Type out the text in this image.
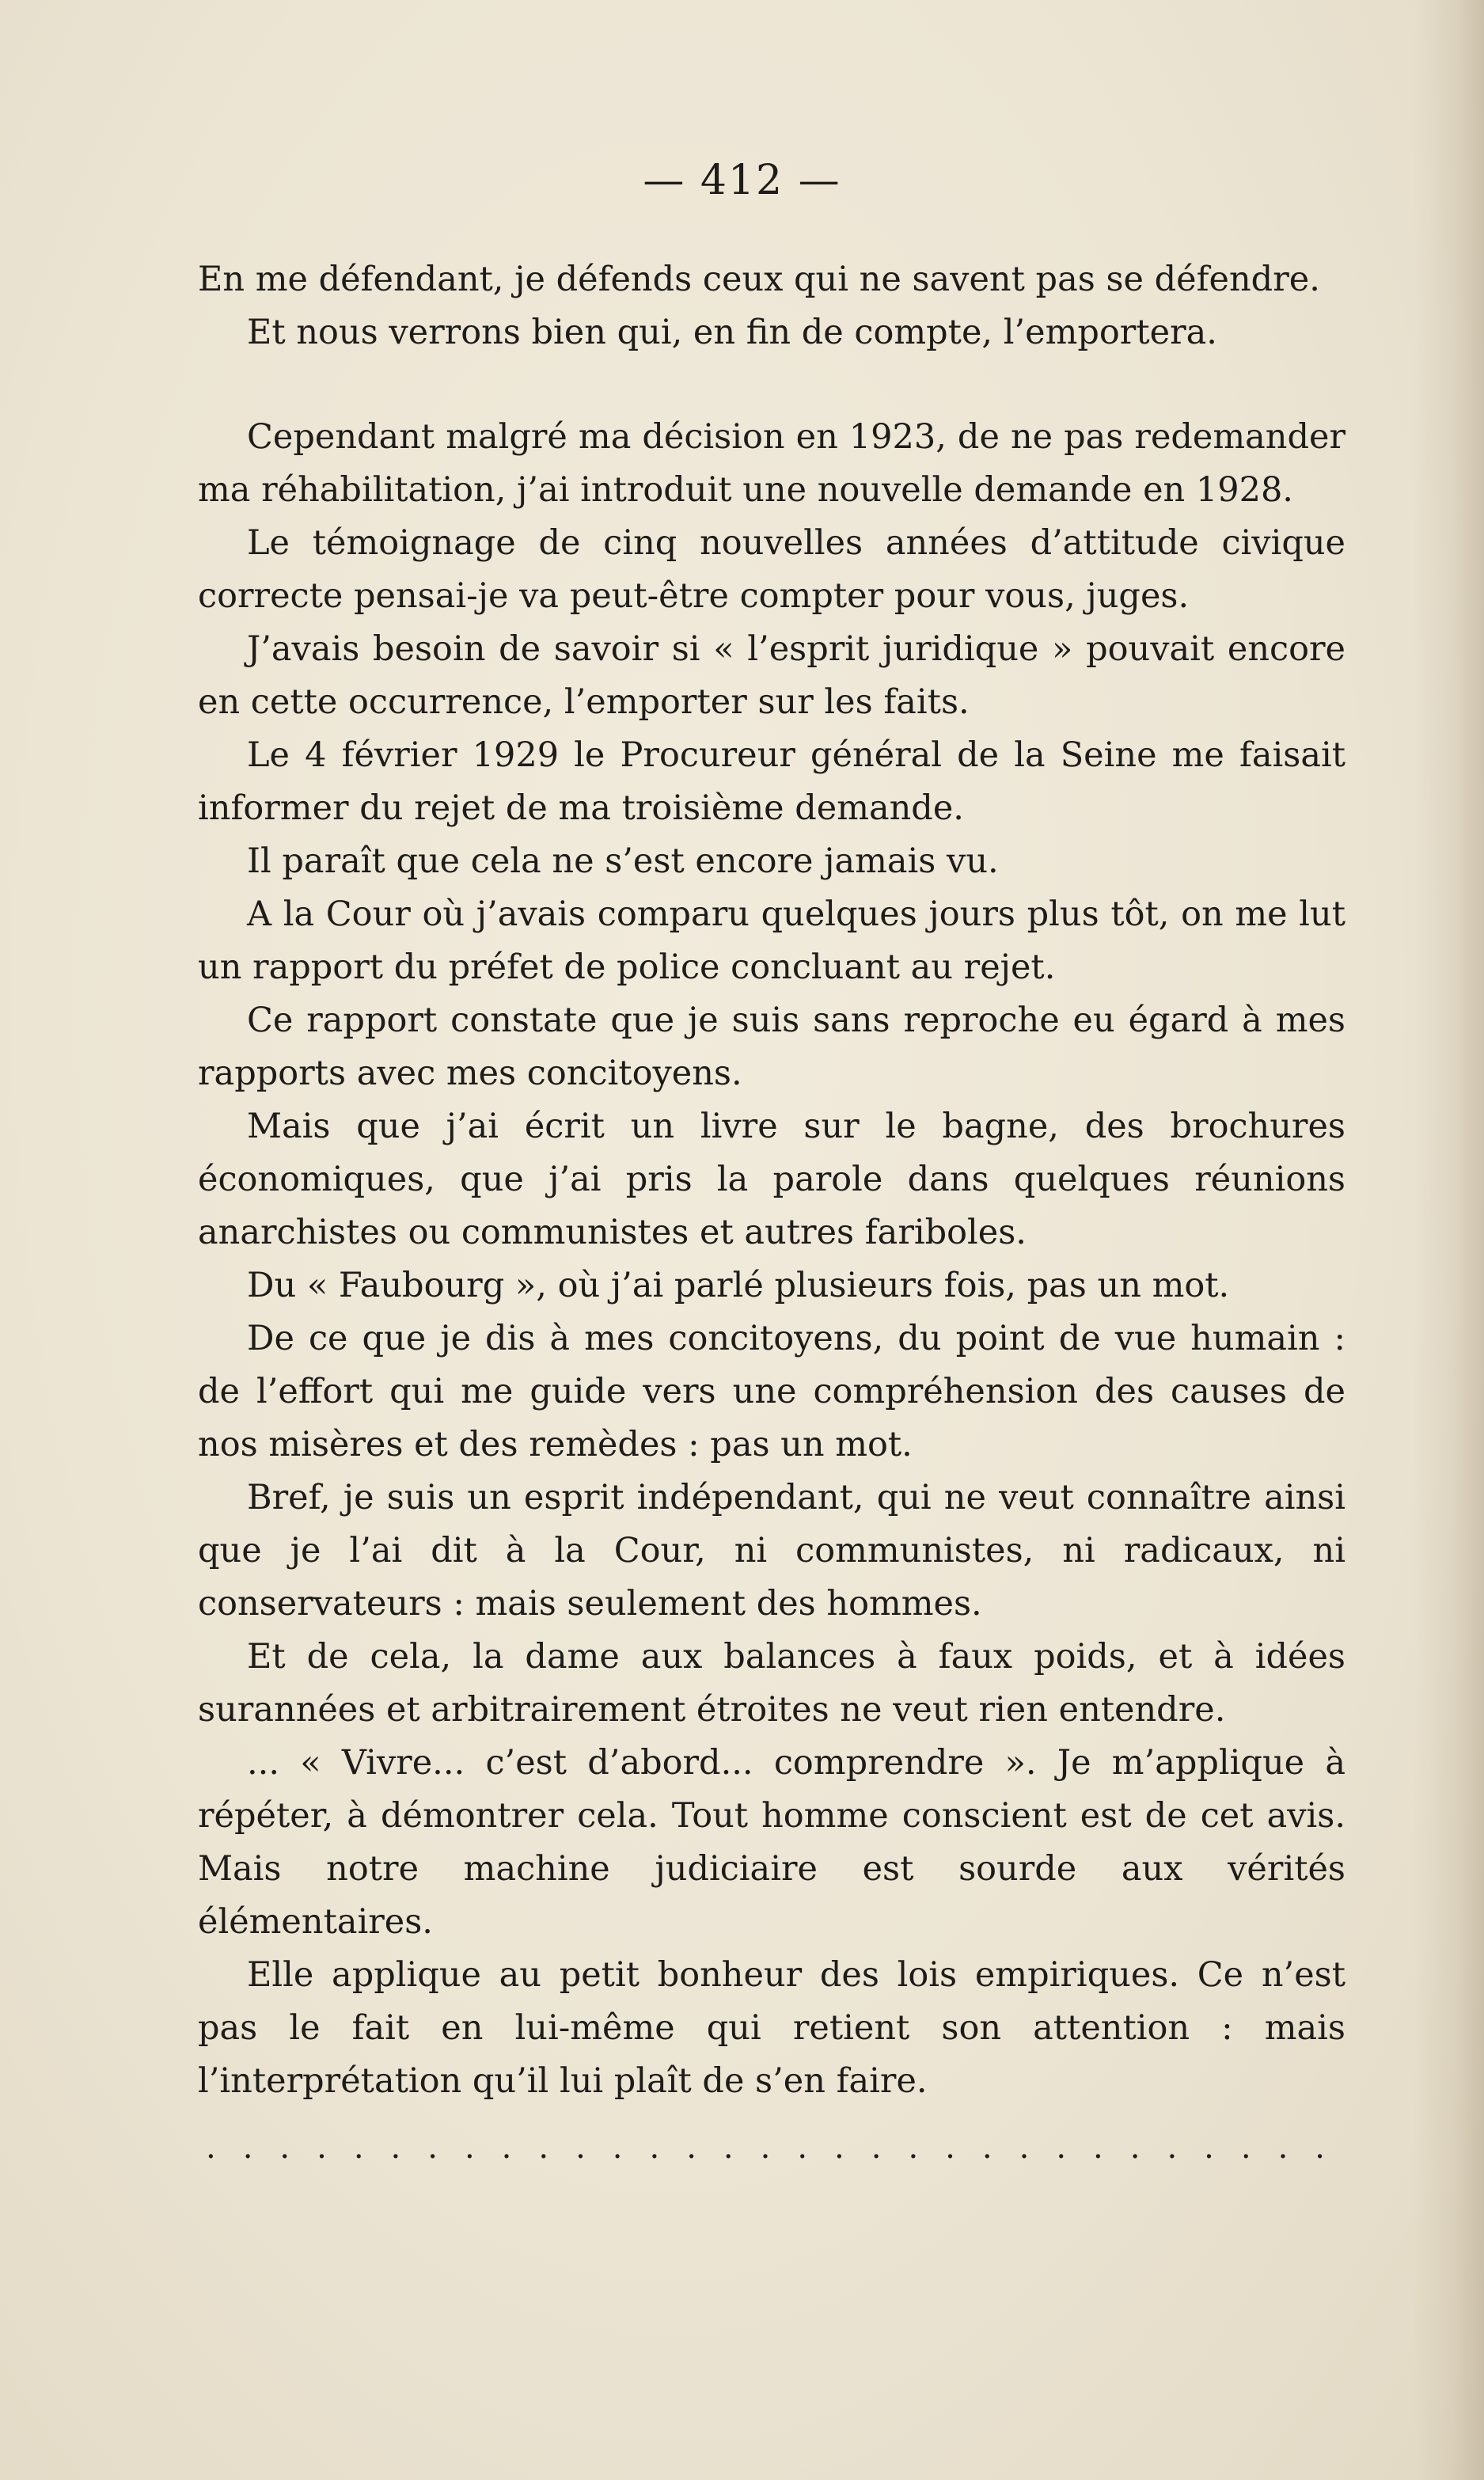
— 412 —

En me défendant, je défends ceux qui ne savent pas se défendre.

Et nous verrons bien qui, en fin de compte, l’emportera.

Cependant malgré ma décision en 1923, de ne pas redemander ma réhabilitation, j’ai introduit une nouvelle demande en 1928.

Le témoignage de cinq nouvelles années d’attitude civique correcte pensai-je va peut-être compter pour vous, juges.

J’avais besoin de savoir si « l’esprit juridique » pouvait encore en cette occurrence, l’emporter sur les faits.

Le 4 février 1929 le Procureur général de la Seine me faisait informer du rejet de ma troisième demande.

Il paraît que cela ne s’est encore jamais vu.

A la Cour où j’avais comparu quelques jours plus tôt, on me lut un rapport du préfet de police concluant au rejet.

Ce rapport constate que je suis sans reproche eu égard à mes rapports avec mes concitoyens.

Mais que j’ai écrit un livre sur le bagne, des brochures économiques, que j’ai pris la parole dans quelques réunions anarchistes ou communistes et autres fariboles.

Du « Faubourg », où j’ai parlé plusieurs fois, pas un mot.

De ce que je dis à mes concitoyens, du point de vue humain : de l’effort qui me guide vers une compréhension des causes de nos misères et des remèdes : pas un mot.

Bref, je suis un esprit indépendant, qui ne veut connaître ainsi que je l’ai dit à la Cour, ni communistes, ni radicaux, ni conservateurs : mais seulement des hommes.

Et de cela, la dame aux balances à faux poids, et à idées surannées et arbitrairement étroites ne veut rien entendre.

... « Vivre... c’est d’abord... comprendre ». Je m’applique à répéter, à démontrer cela. Tout homme conscient est de cet avis. Mais notre machine judiciaire est sourde aux vérités élémentaires.

Elle applique au petit bonheur des lois empiriques. Ce n’est pas le fait en lui-même qui retient son attention : mais l’interprétation qu’il lui plaît de s’en faire.

. . . . . . . . . . . . . . . . . . . . . . . . . . . . . . .
